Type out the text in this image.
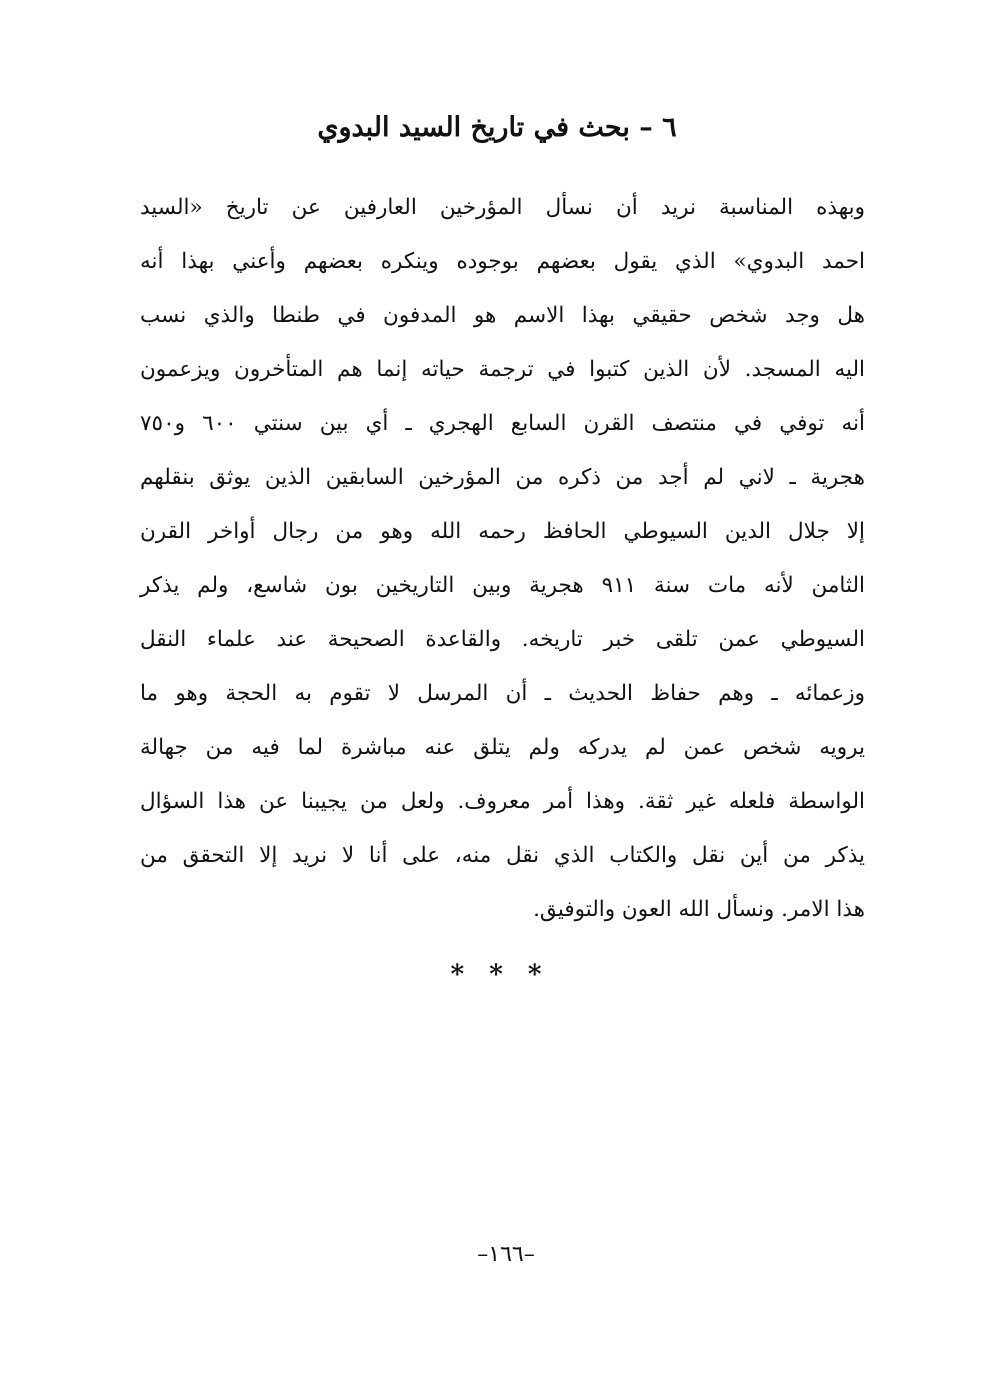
٦ – بحث في تاريخ السيد البدوي
وبهذه المناسبة نريد أن نسأل المؤرخين العارفين عن تاريخ «السيد
احمد البدوي» الذي يقول بعضهم بوجوده وينكره بعضهم وأعني بهذا أنه
هل وجد شخص حقيقي بهذا الاسم هو المدفون في طنطا والذي نسب
اليه المسجد. لأن الذين كتبوا في ترجمة حياته إنما هم المتأخرون ويزعمون
أنه توفي في منتصف القرن السابع الهجري ـ أي بين سنتي ٦٠٠ و٧٥٠
هجرية ـ لاني لم أجد من ذكره من المؤرخين السابقين الذين يوثق بنقلهم
إلا جلال الدين السيوطي الحافظ رحمه الله وهو من رجال أواخر القرن
الثامن لأنه مات سنة ٩١١ هجرية وبين التاريخين بون شاسع، ولم يذكر
السيوطي عمن تلقى خبر تاريخه. والقاعدة الصحيحة عند علماء النقل
وزعمائه ـ وهم حفاظ الحديث ـ أن المرسل لا تقوم به الحجة وهو ما
يرويه شخص عمن لم يدركه ولم يتلق عنه مباشرة لما فيه من جهالة
الواسطة فلعله غير ثقة. وهذا أمر معروف. ولعل من يجيبنا عن هذا السؤال
يذكر من أين نقل والكتاب الذي نقل منه، على أنا لا نريد إلا التحقق من
هذا الامر. ونسأل الله العون والتوفيق.
* * *
–١٦٦–
